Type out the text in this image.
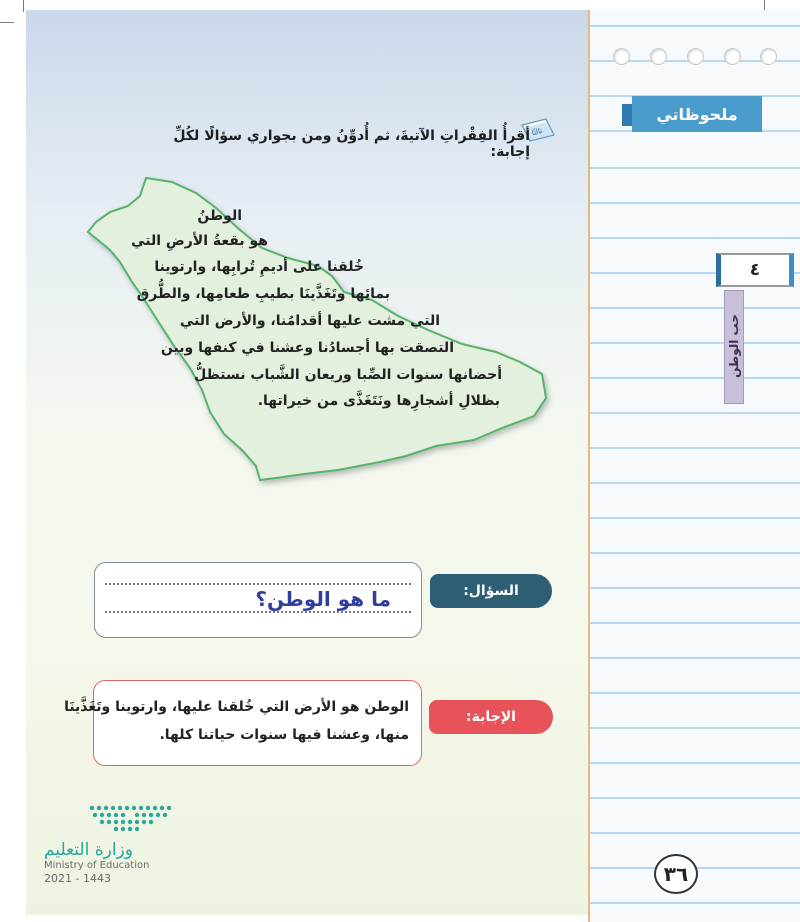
ملحوظاتي
٤
حب الوطن
ثالثًا
أقرأُ الفِقْراتِ الآتيةَ، ثم أُدوِّنُ ومن بجواري سؤالًا لكُلِّ إجابة:
الوطنُ
هو بقعةُ الأرضِ التي
خُلقنا على أديمِ تُرابِها، وارتوينا
بمائِها وتَغَذَّينَا بطيبِ طعامِها، والطُّرق
التي مشت عليها أقدامُنا، والأرض التي
التصقت بها أجسادُنا وعشنا في كنفها وبين
أحضانها سنوات الصِّبا وريعان الشَّباب نستظلُّ
بظلالِ أشجارِها ونَتَغَذَّى من خيراتها.
ما هو الوطن؟	السؤال:
الوطن هو الأرض التي خُلقنا عليها، وارتوينا وتَغَذَّينَا
منها، وعشنا فيها سنوات حياتنا كلها.
الإجابة:
وزارة التعليم
Ministry of Education
2021 - 1443	٣٦
